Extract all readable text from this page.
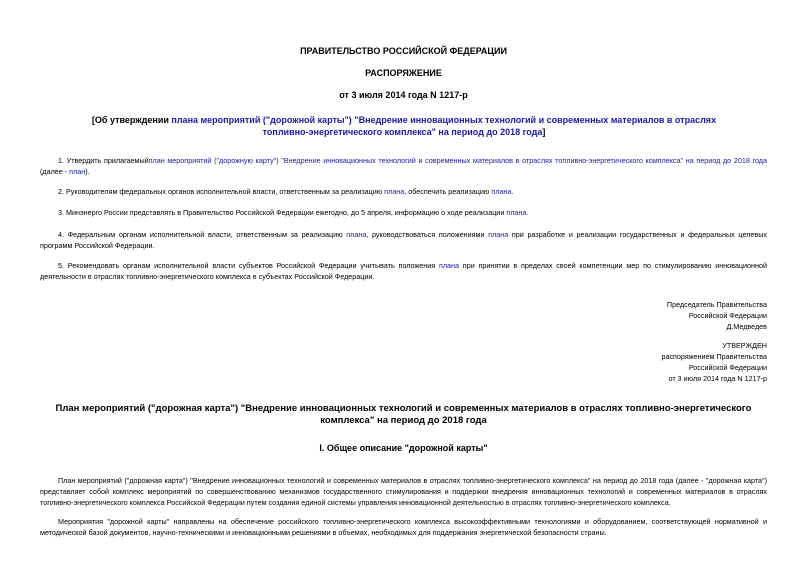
ПРАВИТЕЛЬСТВО РОССИЙСКОЙ ФЕДЕРАЦИИ
РАСПОРЯЖЕНИЕ
от 3 июля 2014 года N 1217-р
[Об утверждении плана мероприятий ("дорожной карты") "Внедрение инновационных технологий и современных материалов в отраслях топливно-энергетического комплекса" на период до 2018 года]
1. Утвердить прилагаемыйплан мероприятий ("дорожную карту") "Внедрение инновационных технологий и современных материалов в отраслях топливно-энергетического комплекса" на период до 2018 года (далее - план).
2. Руководителям федеральных органов исполнительной власти, ответственным за реализацию плана, обеспечить реализацию плана.
3. Минэнерго России представлять в Правительство Российской Федерации ежегодно, до 5 апреля, информацию о ходе реализации плана.
4. Федеральным органам исполнительной власти, ответственным за реализацию плана, руководствоваться положениями плана при разработке и реализации государственных и федеральных целевых программ Российской Федерации.
5. Рекомендовать органам исполнительной власти субъектов Российской Федерации учитывать положения плана при принятии в пределах своей компетенции мер по стимулированию инновационной деятельности в отраслях топливно-энергетического комплекса в субъектах Российской Федерации.
Председатель Правительства
Российской Федерации
Д.Медведев
УТВЕРЖДЕН
распоряжением Правительства
Российской Федерации
от 3 июля 2014 года N 1217-р
План мероприятий ("дорожная карта") "Внедрение инновационных технологий и современных материалов в отраслях топливно-энергетического комплекса" на период до 2018 года
I. Общее описание "дорожной карты"
План мероприятий ("дорожная карта") "Внедрение инновационных технологий и современных материалов в отраслях топливно-энергетического комплекса" на период до 2018 года (далее - "дорожная карта") представляет собой комплекс мероприятий по совершенствованию механизмов государственного стимулирования и поддержки внедрения инновационных технологий и современных материалов в отраслях топливно-энергетического комплекса Российской Федерации путем создания единой системы управления инновационной деятельностью в отраслях топливно-энергетического комплекса.
Мероприятия "дорожной карты" направлены на обеспечение российского топливно-энергетического комплекса высокоэффективными технологиями и оборудованием, соответствующей нормативной и методической базой документов, научно-техническими и инновационными решениями в объемах, необходимых для поддержания энергетической безопасности страны.
